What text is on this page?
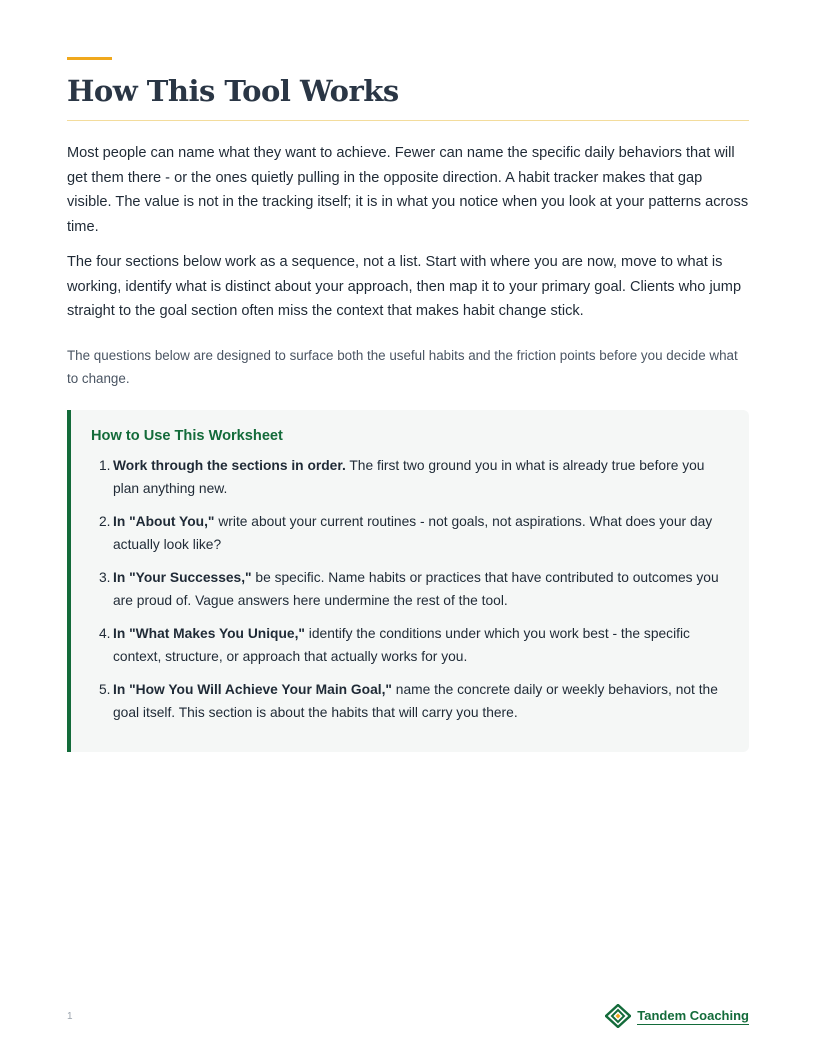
How This Tool Works

Most people can name what they want to achieve. Fewer can name the specific daily behaviors that will get them there - or the ones quietly pulling in the opposite direction. A habit tracker makes that gap visible. The value is not in the tracking itself; it is in what you notice when you look at your patterns across time.

The four sections below work as a sequence, not a list. Start with where you are now, move to what is working, identify what is distinct about your approach, then map it to your primary goal. Clients who jump straight to the goal section often miss the context that makes habit change stick.

The questions below are designed to surface both the useful habits and the friction points before you decide what to change.

How to Use This Worksheet
1. Work through the sections in order. The first two ground you in what is already true before you plan anything new.
2. In "About You," write about your current routines - not goals, not aspirations. What does your day actually look like?
3. In "Your Successes," be specific. Name habits or practices that have contributed to outcomes you are proud of. Vague answers here undermine the rest of the tool.
4. In "What Makes You Unique," identify the conditions under which you work best - the specific context, structure, or approach that actually works for you.
5. In "How You Will Achieve Your Main Goal," name the concrete daily or weekly behaviors, not the goal itself. This section is about the habits that will carry you there.
1	Tandem Coaching
